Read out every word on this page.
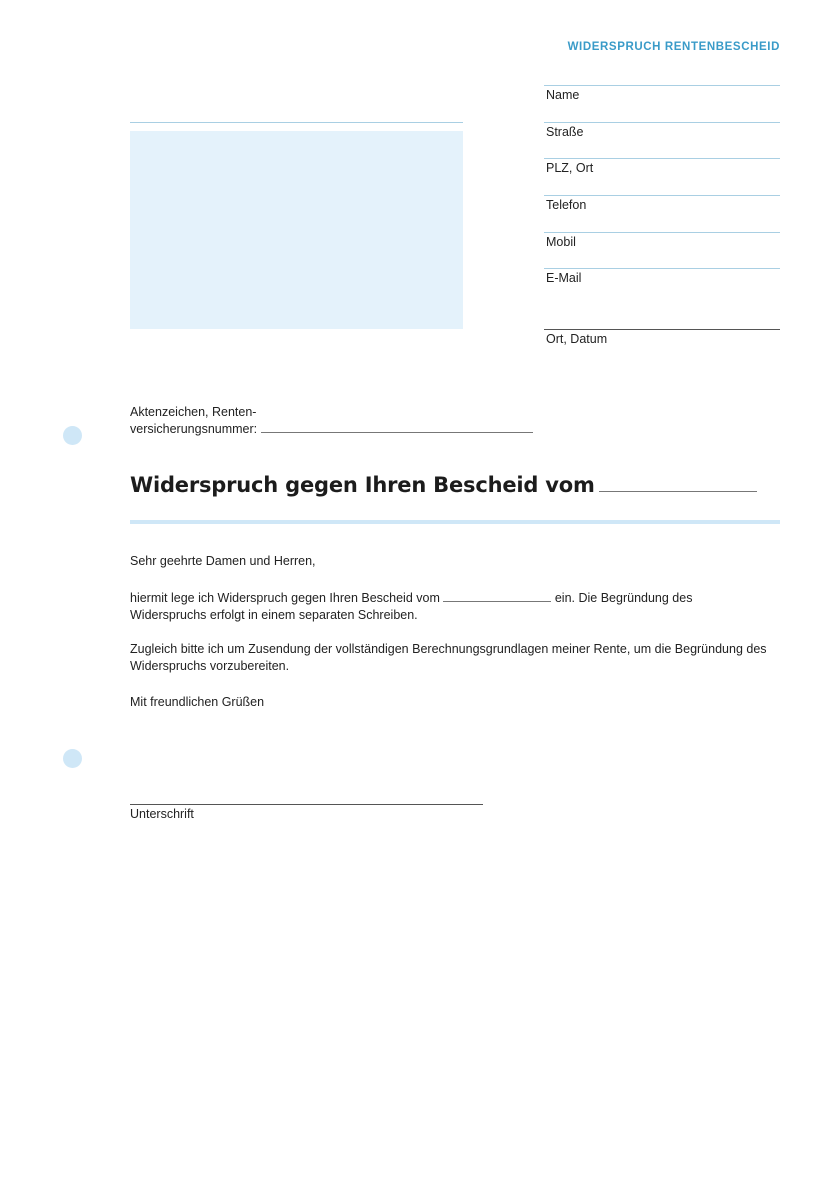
WIDERSPRUCH RENTENBESCHEID
Name
Straße
PLZ, Ort
Telefon
Mobil
E-Mail
Ort, Datum
Aktenzeichen, Renten-
versicherungsnummer:
Widerspruch gegen Ihren Bescheid vom

Sehr geehrte Damen und Herren,

hiermit lege ich Widerspruch gegen Ihren Bescheid vom	ein. Die Begründung des Widerspruchs erfolgt in einem separaten Schreiben.

Zugleich bitte ich um Zusendung der vollständigen Berechnungsgrundlagen meiner Rente, um die Begründung des Widerspruchs vorzubereiten.

Mit freundlichen Grüßen

Unterschrift
